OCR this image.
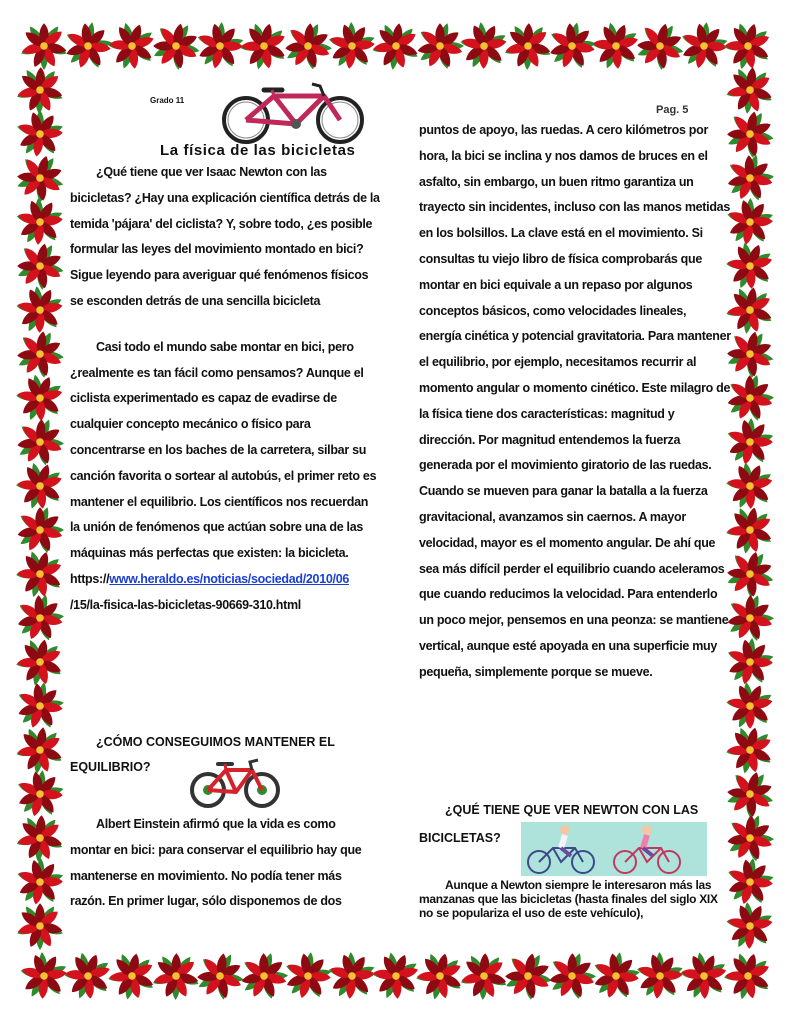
Grado 11
Pag. 5
La física de las bicicletas

¿Qué tiene que ver Isaac Newton con las bicicletas? ¿Hay una explicación científica detrás de la temida 'pájara' del ciclista? Y, sobre todo, ¿es posible formular las leyes del movimiento montado en bici? Sigue leyendo para averiguar qué fenómenos físicos se esconden detrás de una sencilla bicicleta

Casi todo el mundo sabe montar en bici, pero ¿realmente es tan fácil como pensamos? Aunque el ciclista experimentado es capaz de evadirse de cualquier concepto mecánico o físico para concentrarse en los baches de la carretera, silbar su canción favorita o sortear al autobús, el primer reto es mantener el equilibrio. Los científicos nos recuerdan la unión de fenómenos que actúan sobre una de las máquinas más perfectas que existen: la bicicleta.

https://www.heraldo.es/noticias/sociedad/2010/06

/15/la-fisica-las-bicicletas-90669-310.html

¿CÓMO CONSEGUIMOS MANTENER EL EQUILIBRIO?

Albert Einstein afirmó que la vida es como montar en bici: para conservar el equilibrio hay que mantenerse en movimiento. No podía tener más razón. En primer lugar, sólo disponemos de dos

puntos de apoyo, las ruedas. A cero kilómetros por hora, la bici se inclina y nos damos de bruces en el asfalto, sin embargo, un buen ritmo garantiza un trayecto sin incidentes, incluso con las manos metidas en los bolsillos. La clave está en el movimiento. Si consultas tu viejo libro de física comprobarás que montar en bici equivale a un repaso por algunos conceptos básicos, como velocidades lineales, energía cinética y potencial gravitatoria. Para mantener el equilibrio, por ejemplo, necesitamos recurrir al momento angular o momento cinético. Este milagro de la física tiene dos características: magnitud y dirección. Por magnitud entendemos la fuerza generada por el movimiento giratorio de las ruedas. Cuando se mueven para ganar la batalla a la fuerza gravitacional, avanzamos sin caernos. A mayor velocidad, mayor es el momento angular. De ahí que sea más difícil perder el equilibrio cuando aceleramos que cuando reducimos la velocidad. Para entenderlo un poco mejor, pensemos en una peonza: se mantiene vertical, aunque esté apoyada en una superficie muy pequeña, simplemente porque se mueve.

¿QUÉ TIENE QUE VER NEWTON CON LAS BICICLETAS?
Aunque a Newton siempre le interesaron más las manzanas que las bicicletas (hasta finales del siglo XIX no se populariza el uso de este vehículo),
